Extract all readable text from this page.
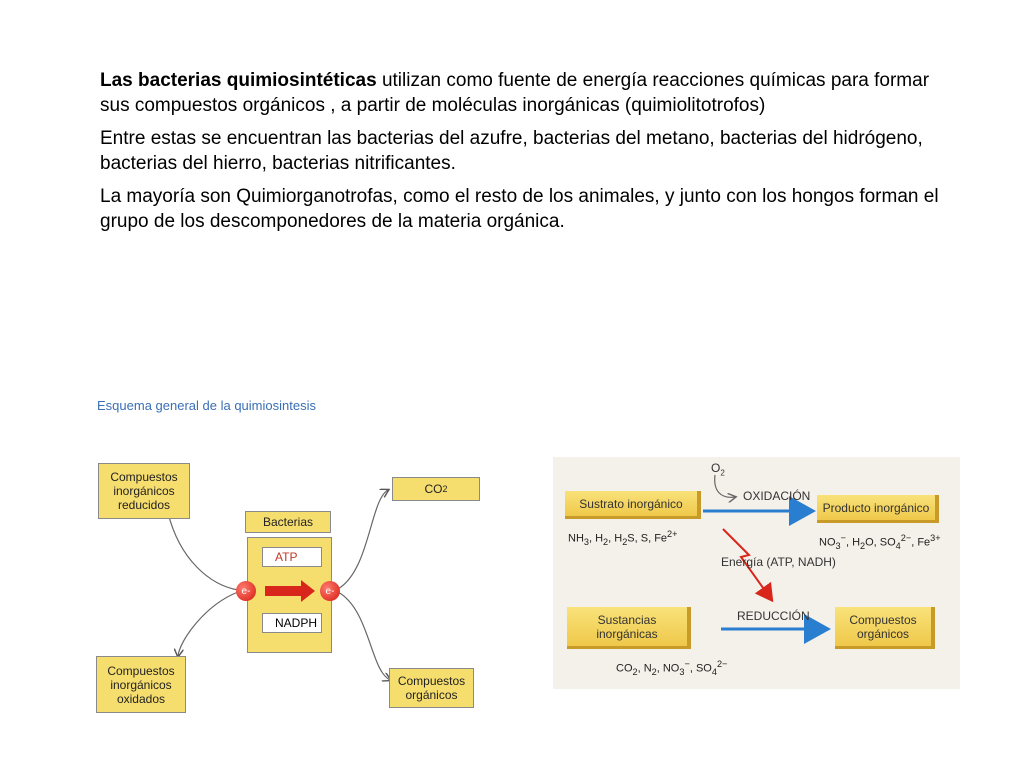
Las bacterias quimiosintéticas utilizan como fuente de energía reacciones químicas para formar sus compuestos orgánicos , a partir de moléculas inorgánicas (quimiolitotrofos)

Entre estas se encuentran las bacterias del azufre, bacterias del metano, bacterias del hidrógeno, bacterias del hierro, bacterias nitrificantes.

La mayoría son Quimiorganotrofas, como el resto de los animales, y junto con los hongos forman el grupo de los descomponedores de la materia orgánica.

Esquema general de la quimiosintesis
Compuestos inorgánicos reducidos
CO 2
Bacterias
ATP
NADPH
e-	e-
Compuestos inorgánicos oxidados
Compuestos orgánicos
$O_2$
OXIDACIÓN
Sustrato inorgánico
$NH_3$, $H_2$, $H_2S$, S, $Fe^{2+}$
Producto inorgánico
$NO_3^-$, $H_2O$, $SO_4^{2-}$, $Fe^{3+}$
Energía (ATP, NADH)
Sustancias inorgánicas
REDUCCIÓN	Compuestos orgánicos
$CO_2$, $N_2$, $NO_3^-$, $SO_4^{2-}$
